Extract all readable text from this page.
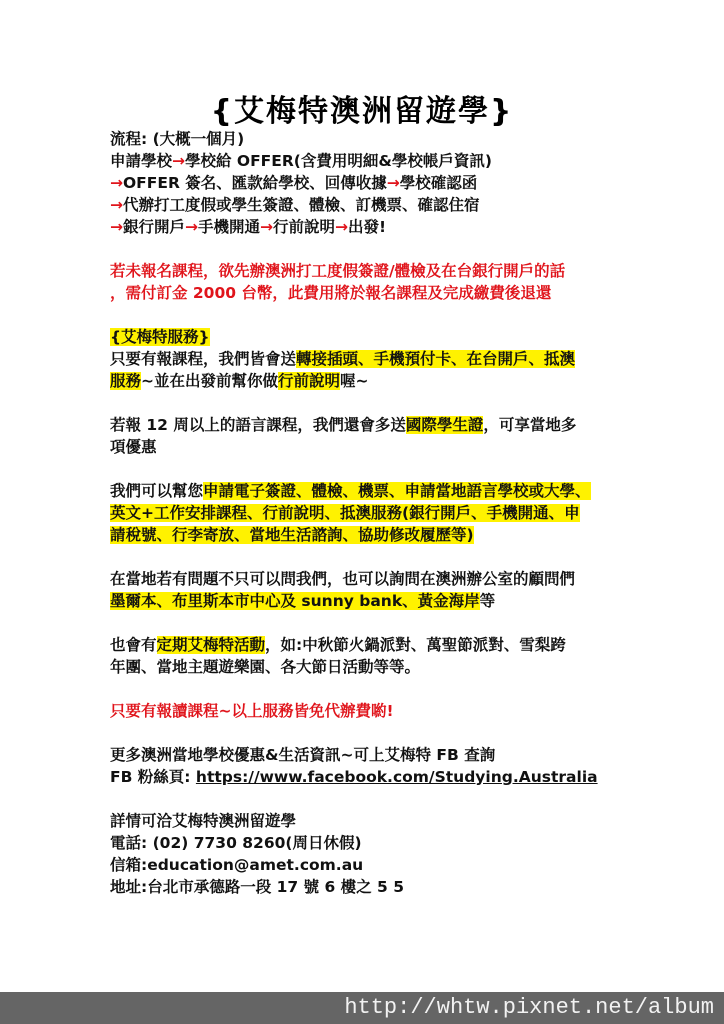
{艾梅特澳洲留遊學}
流程: (大概一個月)
申請學校→學校給 OFFER(含費用明細&學校帳戶資訊)
→OFFER 簽名、匯款給學校、回傳收據→學校確認函
→代辦打工度假或學生簽證、體檢、訂機票、確認住宿
→銀行開戶→手機開通→行前說明→出發!
若未報名課程，欲先辦澳洲打工度假簽證/體檢及在台銀行開戶的話
，需付訂金 2000 台幣，此費用將於報名課程及完成繳費後退還
{艾梅特服務}
只要有報課程，我們皆會送轉接插頭、手機預付卡、在台開戶、抵澳
服務~並在出發前幫你做行前說明喔~
若報 12 周以上的語言課程，我們還會多送國際學生證，可享當地多
項優惠
我們可以幫您申請電子簽證、體檢、機票、申請當地語言學校或大學、
英文+工作安排課程、行前說明、抵澳服務(銀行開戶、手機開通、申
請稅號、行李寄放、當地生活諮詢、協助修改履歷等)
在當地若有問題不只可以問我們，也可以詢問在澳洲辦公室的顧問們
墨爾本、布里斯本市中心及 sunny bank、黃金海岸等
也會有定期艾梅特活動，如:中秋節火鍋派對、萬聖節派對、雪梨跨
年團、當地主題遊樂園、各大節日活動等等。
只要有報讀課程~以上服務皆免代辦費喲!
更多澳洲當地學校優惠&生活資訊~可上艾梅特 FB 查詢
FB 粉絲頁: https://www.facebook.com/Studying.Australia
詳情可洽艾梅特澳洲留遊學
電話: (02) 7730 8260(周日休假)
信箱:education@amet.com.au
地址:台北市承德路一段 17 號 6 樓之 5 5
http://whtw.pixnet.net/album
